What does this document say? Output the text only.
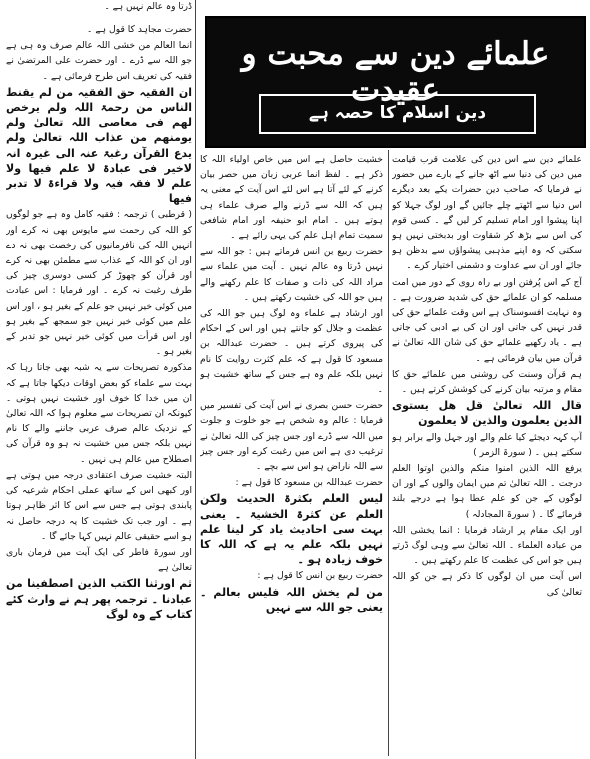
ڈرتا وہ عالم نہیں ہے ۔
علمائے دین سے محبت و عقیدت
دین اسلام کا حصہ ہے

علمائے دین سے اس دین کی علامت قرب قیامت میں دین کی دنیا سے اٹھ جانے کے بارے میں حضور نے فرمایا کہ صاحب دین حضرات یکے بعد دیگرے اس دنیا سے اٹھتے چلے جائیں گے اور لوگ جہلا کو اپنا پیشوا اور امام تسلیم کر لیں گے ۔ کسی قوم کی اس سے بڑھ کر شقاوت اور بدبختی نہیں ہو سکتی کہ وہ اپنے مذہبی پیشواؤں سے بدظن ہو جائے اور ان سے عداوت و دشمنی اختیار کرے ۔

آج کے اس پُرفتن اور بے راہ روی کے دور میں امت مسلمہ کو ان علمائے حق کی شدید ضرورت ہے ۔ وہ نہایت افسوسناک ہے اس وقت علمائے حق کی قدر نہیں کی جاتی اور ان کی بے ادبی کی جاتی ہے ۔ یاد رکھیے علمائے حق کی شان اللہ تعالیٰ نے قرآن میں بیان فرمائی ہے ۔

ہم قرآن وسنت کی روشنی میں علمائے حق کا مقام و مرتبہ بیان کرنے کی کوشش کرتے ہیں ۔

قال اللہ تعالیٰ قل ھل یستوی الذین یعلمون والذین لا یعلمون

آپ کہہ دیجئے کیا علم والے اور جہل والے برابر ہو سکتے ہیں ۔ ( سورۃ الزمر )

یرفع اللہ الذین امنوا منکم والذین اوتوا العلم درجت ۔ اللہ تعالیٰ تم میں ایمان والوں کے اور ان لوگوں کے جن کو علم عطا ہوا ہے درجے بلند فرمائے گا ۔ ( سورۃ المجادلہ )

اور ایک مقام پر ارشاد فرمایا : انما یخشی اللہ من عبادہ العلماء ۔ اللہ تعالیٰ سے وہی لوگ ڈرتے ہیں جو اس کی عظمت کا علم رکھتے ہیں ۔

اس آیت میں ان لوگوں کا ذکر ہے جن کو اللہ تعالیٰ کی

خشیت حاصل ہے اس میں خاص اولیاء اللہ کا ذکر ہے ۔ لفظ انما عربی زبان میں حصر بیان کرنے کے لئے آتا ہے اس لئے اس آیت کے معنی یہ ہیں کہ اللہ سے ڈرنے والے صرف علماء ہی ہوتے ہیں ۔ امام ابو حنیفہ اور امام شافعی سمیت تمام اہل علم کی یہی رائے ہے ۔

حضرت ربیع بن انس فرماتے ہیں : جو اللہ سے نہیں ڈرتا وہ عالم نہیں ۔ آیت میں علماء سے مراد اللہ کی ذات و صفات کا علم رکھنے والے ہیں جو اللہ کی خشیت رکھتے ہیں ۔

اور ارشاد ہے علماء وہ لوگ ہیں جو اللہ کی عظمت و جلال کو جانتے ہیں اور اس کے احکام کی پیروی کرتے ہیں ۔ حضرت عبداللہ بن مسعود کا قول ہے کہ علم کثرت روایت کا نام نہیں بلکہ علم وہ ہے جس کے ساتھ خشیت ہو ۔

حضرت حسن بصری نے اس آیت کی تفسیر میں فرمایا : عالم وہ شخص ہے جو خلوت و جلوت میں اللہ سے ڈرے اور جس چیز کی اللہ تعالیٰ نے ترغیب دی ہے اس میں رغبت کرے اور جس چیز سے اللہ ناراض ہو اس سے بچے ۔

حضرت عبداللہ بن مسعود کا قول ہے :

لیس العلم بکثرۃ الحدیث ولکن العلم عن کثرۃ الخشیۃ ۔ یعنی بہت سی احادیث یاد کر لینا علم نہیں بلکہ علم یہ ہے کہ اللہ کا خوف زیادہ ہو ۔

حضرت ربیع بن انس کا قول ہے :

من لم یخش اللہ فلیس بعالم ۔ یعنی جو اللہ سے نہیں

حضرت مجاہد کا قول ہے ۔

انما العالم من خشی اللہ عالم صرف وہ ہی ہے جو اللہ سے ڈرے ۔ اور حضرت علی المرتضیٰ نے فقیہ کی تعریف اس طرح فرمائی ہے ۔

ان الفقیہ حق الفقیہ من لم یقنط الناس من رحمۃ اللہ ولم یرخص لھم فی معاصی اللہ تعالیٰ ولم یومنھم من عذاب اللہ تعالیٰ ولم یدع القرآن رغبۃ عنہ الی غیرہ انہ لاخیر فی عبادۃ لا علم فیھا ولا علم لا فقہ فیہ ولا قراءۃ لا تدبر فیھا

( قرطبی ) ترجمہ : فقیہ کامل وہ ہے جو لوگوں کو اللہ کی رحمت سے مایوس بھی نہ کرے اور انہیں اللہ کی نافرمانیوں کی رخصت بھی نہ دے اور ان کو اللہ کے عذاب سے مطمئن بھی نہ کرے اور قرآن کو چھوڑ کر کسی دوسری چیز کی طرف رغبت نہ کرے ۔ اور فرمایا : اس عبادت میں کوئی خیر نہیں جو علم کے بغیر ہو ، اور اس علم میں کوئی خیر نہیں جو سمجھ کے بغیر ہو اور اس قرأت میں کوئی خیر نہیں جو تدبر کے بغیر ہو ۔

مذکورہ تصریحات سے یہ شبہ بھی جاتا رہا کہ بہت سے علماء کو بعض اوقات دیکھا جاتا ہے کہ ان میں خدا کا خوف اور خشیت نہیں ہوتی ۔ کیونکہ ان تصریحات سے معلوم ہوا کہ اللہ تعالیٰ کے نزدیک عالم صرف عربی جاننے والے کا نام نہیں بلکہ جس میں خشیت نہ ہو وہ قرآن کی اصطلاح میں عالم ہی نہیں ۔

البتہ خشیت صرف اعتقادی درجہ میں ہوتی ہے اور کبھی اس کے ساتھ عملی احکام شرعیہ کی پابندی ہوتی ہے جس سے اس کا اثر ظاہر ہوتا ہے ۔ اور جب تک خشیت کا یہ درجہ حاصل نہ ہو اسے حقیقی عالم نہیں کہا جائے گا ۔

اور سورۃ فاطر کی ایک آیت میں فرمان باری تعالیٰ ہے

ثم اورثنا الکتب الذین اصطفینا من عبادنا ۔ ترجمہ پھر ہم نے وارث کئے کتاب کے وہ لوگ
